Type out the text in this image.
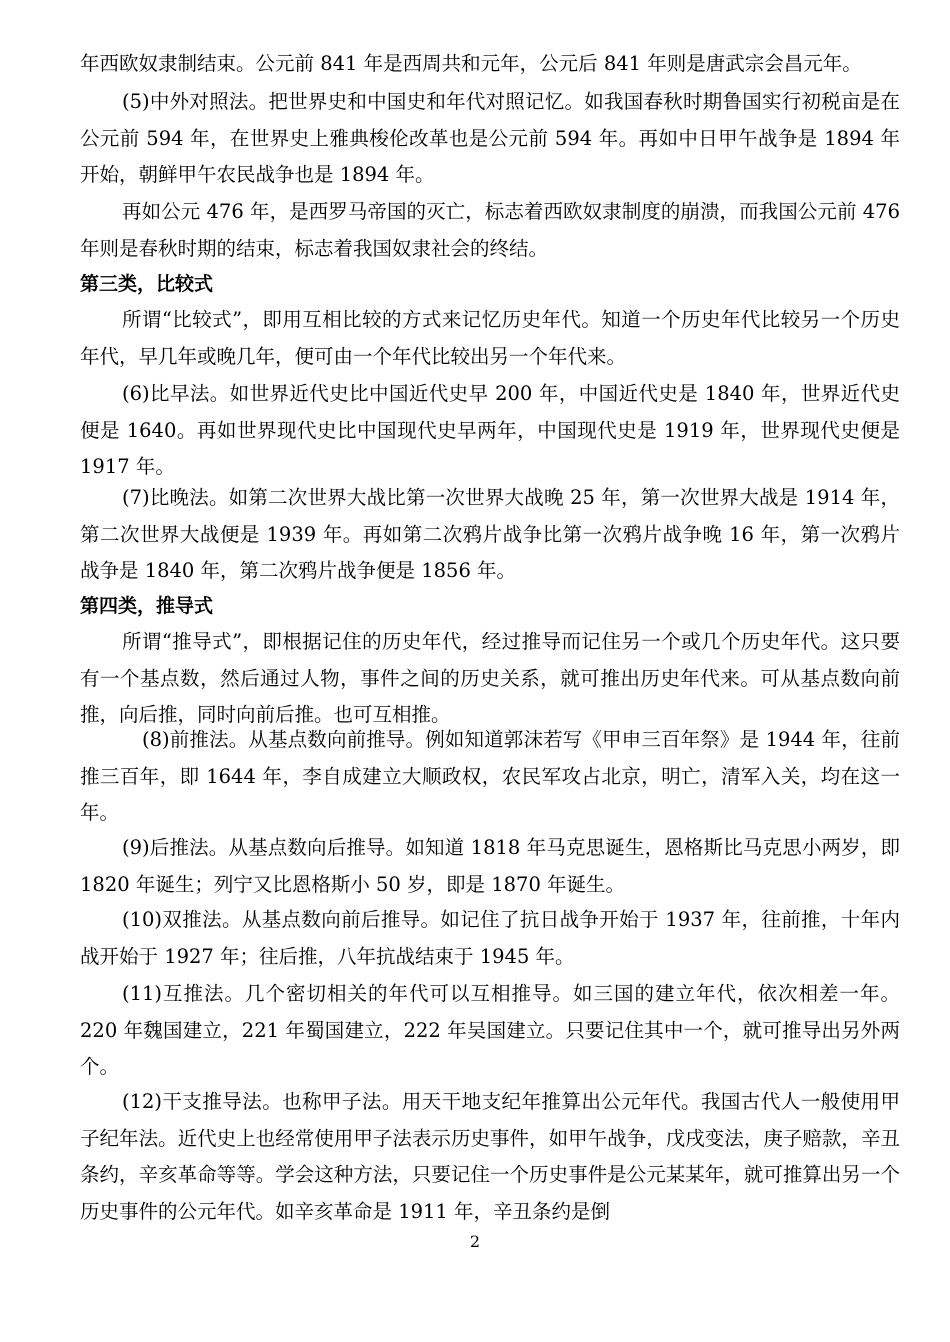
年西欧奴隶制结束。公元前 841 年是西周共和元年，公元后 841 年则是唐武宗会昌元年。

(5)中外对照法。把世界史和中国史和年代对照记忆。如我国春秋时期鲁国实行初税亩是在公元前 594 年，在世界史上雅典梭伦改革也是公元前 594 年。再如中日甲午战争是 1894 年开始，朝鲜甲午农民战争也是 1894 年。

再如公元 476 年，是西罗马帝国的灭亡，标志着西欧奴隶制度的崩溃，而我国公元前 476 年则是春秋时期的结束，标志着我国奴隶社会的终结。

第三类，比较式

所谓“比较式”，即用互相比较的方式来记忆历史年代。知道一个历史年代比较另一个历史年代，早几年或晚几年，便可由一个年代比较出另一个年代来。

(6)比早法。如世界近代史比中国近代史早 200 年，中国近代史是 1840 年，世界近代史便是 1640。再如世界现代史比中国现代史早两年，中国现代史是 1919 年，世界现代史便是 1917 年。

(7)比晚法。如第二次世界大战比第一次世界大战晚 25 年，第一次世界大战是 1914 年，第二次世界大战便是 1939 年。再如第二次鸦片战争比第一次鸦片战争晚 16 年，第一次鸦片战争是 1840 年，第二次鸦片战争便是 1856 年。

第四类，推导式

所谓“推导式”，即根据记住的历史年代，经过推导而记住另一个或几个历史年代。这只要有一个基点数，然后通过人物，事件之间的历史关系，就可推出历史年代来。可从基点数向前推，向后推，同时向前后推。也可互相推。

(8)前推法。从基点数向前推导。例如知道郭沫若写《甲申三百年祭》是 1944 年，往前推三百年，即 1644 年，李自成建立大顺政权，农民军攻占北京，明亡，清军入关，均在这一年。

(9)后推法。从基点数向后推导。如知道 1818 年马克思诞生，恩格斯比马克思小两岁，即 1820 年诞生；列宁又比恩格斯小 50 岁，即是 1870 年诞生。

(10)双推法。从基点数向前后推导。如记住了抗日战争开始于 1937 年，往前推，十年内战开始于 1927 年；往后推，八年抗战结束于 1945 年。

(11)互推法。几个密切相关的年代可以互相推导。如三国的建立年代，依次相差一年。220 年魏国建立，221 年蜀国建立，222 年吴国建立。只要记住其中一个，就可推导出另外两个。

(12)干支推导法。也称甲子法。用天干地支纪年推算出公元年代。我国古代人一般使用甲子纪年法。近代史上也经常使用甲子法表示历史事件，如甲午战争，戊戌变法，庚子赔款，辛丑条约，辛亥革命等等。学会这种方法，只要记住一个历史事件是公元某某年，就可推算出另一个历史事件的公元年代。如辛亥革命是 1911 年，辛丑条约是倒

2
